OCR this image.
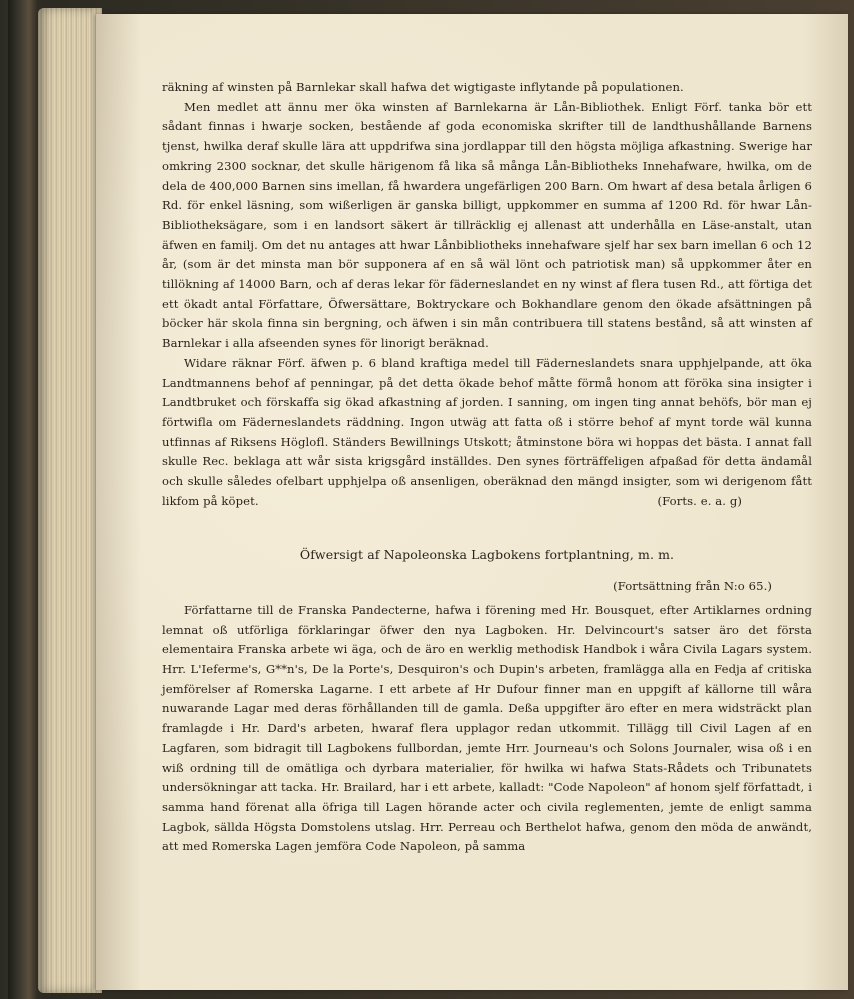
räkning af winsten på Barnlekar skall hafwa det wigtigaste inflytande på populationen.

Men medlet att ännu mer öka winsten af Barnlekarna är Lån-Bibliothek. Enligt Förf. tanka bör ett sådant finnas i hwarje socken, bestående af goda economiska skrifter till de landthushållande Barnens tjenst, hwilka deraf skulle lära att uppdrifwa sina jordlappar till den högsta möjliga afkastning. Swerige har omkring 2300 socknar, det skulle härigenom få lika så många Lån-Bibliotheks Innehafware, hwilka, om de dela de 400,000 Barnen sins imellan, få hwardera ungefärligen 200 Barn. Om hwart af desa betala årligen 6 Rd. för enkel läsning, som wißerligen är ganska billigt, uppkommer en summa af 1200 Rd. för hwar Lån-Bibliotheksägare, som i en landsort säkert är tillräcklig ej allenast att underhålla en Läse-anstalt, utan äfwen en familj. Om det nu antages att hwar Lånbibliotheks innehafware sjelf har sex barn imellan 6 och 12 år, (som är det minsta man bör supponera af en så wäl lönt och patriotisk man) så uppkommer åter en tillökning af 14000 Barn, och af deras lekar för fäderneslandet en ny winst af flera tusen Rd., att förtiga det ett ökadt antal Författare, Öfwersättare, Boktryckare och Bokhandlare genom den ökade afsättningen på böcker här skola finna sin bergning, och äfwen i sin mån contribuera till statens bestånd, så att winsten af Barnlekar i alla afseenden synes för linorigt beräknad.

Widare räknar Förf. äfwen p. 6 bland kraftiga medel till Fäderneslandets snara upphjelpande, att öka Landtmannens behof af penningar, på det detta ökade behof måtte förmå honom att föröka sina insigter i Landtbruket och förskaffa sig ökad afkastning af jorden. I sanning, om ingen ting annat behöfs, bör man ej förtwifla om Fäderneslandets räddning. Ingon utwäg att fatta oß i större behof af mynt torde wäl kunna utfinnas af Riksens Höglofl. Ständers Bewillnings Utskott; åtminstone böra wi hoppas det bästa. I annat fall skulle Rec. beklaga att wår sista krigsgård inställdes. Den synes förträffeligen afpaßad för detta ändamål och skulle således ofelbart upphjelpa oß ansenligen, oberäknad den mängd insigter, som wi derigenom fått likfom på köpet.	(Forts. e. a. g)

Öfwersigt af Napoleonska Lagbokens fortplantning, m. m.

(Fortsättning från N:o 65.)

Författarne till de Franska Pandecterne, hafwa i förening med Hr. Bousquet, efter Artiklarnes ordning lemnat oß utförliga förklaringar öfwer den nya Lagboken. Hr. Delvincourt's satser äro det första elementaira Franska arbete wi äga, och de äro en werklig methodisk Handbok i wåra Civila Lagars system. Hrr. L'Ieferme's, G**n's, De la Porte's, Desquiron's och Dupin's arbeten, framlägga alla en Fedja af critiska jemförelser af Romerska Lagarne. I ett arbete af Hr Dufour finner man en uppgift af källorne till wåra nuwarande Lagar med deras förhållanden till de gamla. Deßa uppgifter äro efter en mera widsträckt plan framlagde i Hr. Dard's arbeten, hwaraf flera upplagor redan utkommit. Tillägg till Civil Lagen af en Lagfaren, som bidragit till Lagbokens fullbordan, jemte Hrr. Journeau's och Solons Journaler, wisa oß i en wiß ordning till de omätliga och dyrbara materialier, för hwilka wi hafwa Stats-Rådets och Tribunatets undersökningar att tacka. Hr. Brailard, har i ett arbete, kalladt: "Code Napoleon" af honom sjelf författadt, i samma hand förenat alla öfriga till Lagen hörande acter och civila reglementen, jemte de enligt samma Lagbok, sällda Högsta Domstolens utslag. Hrr. Perreau och Berthelot hafwa, genom den möda de anwändt, att med Romerska Lagen jemföra Code Napoleon, på samma
